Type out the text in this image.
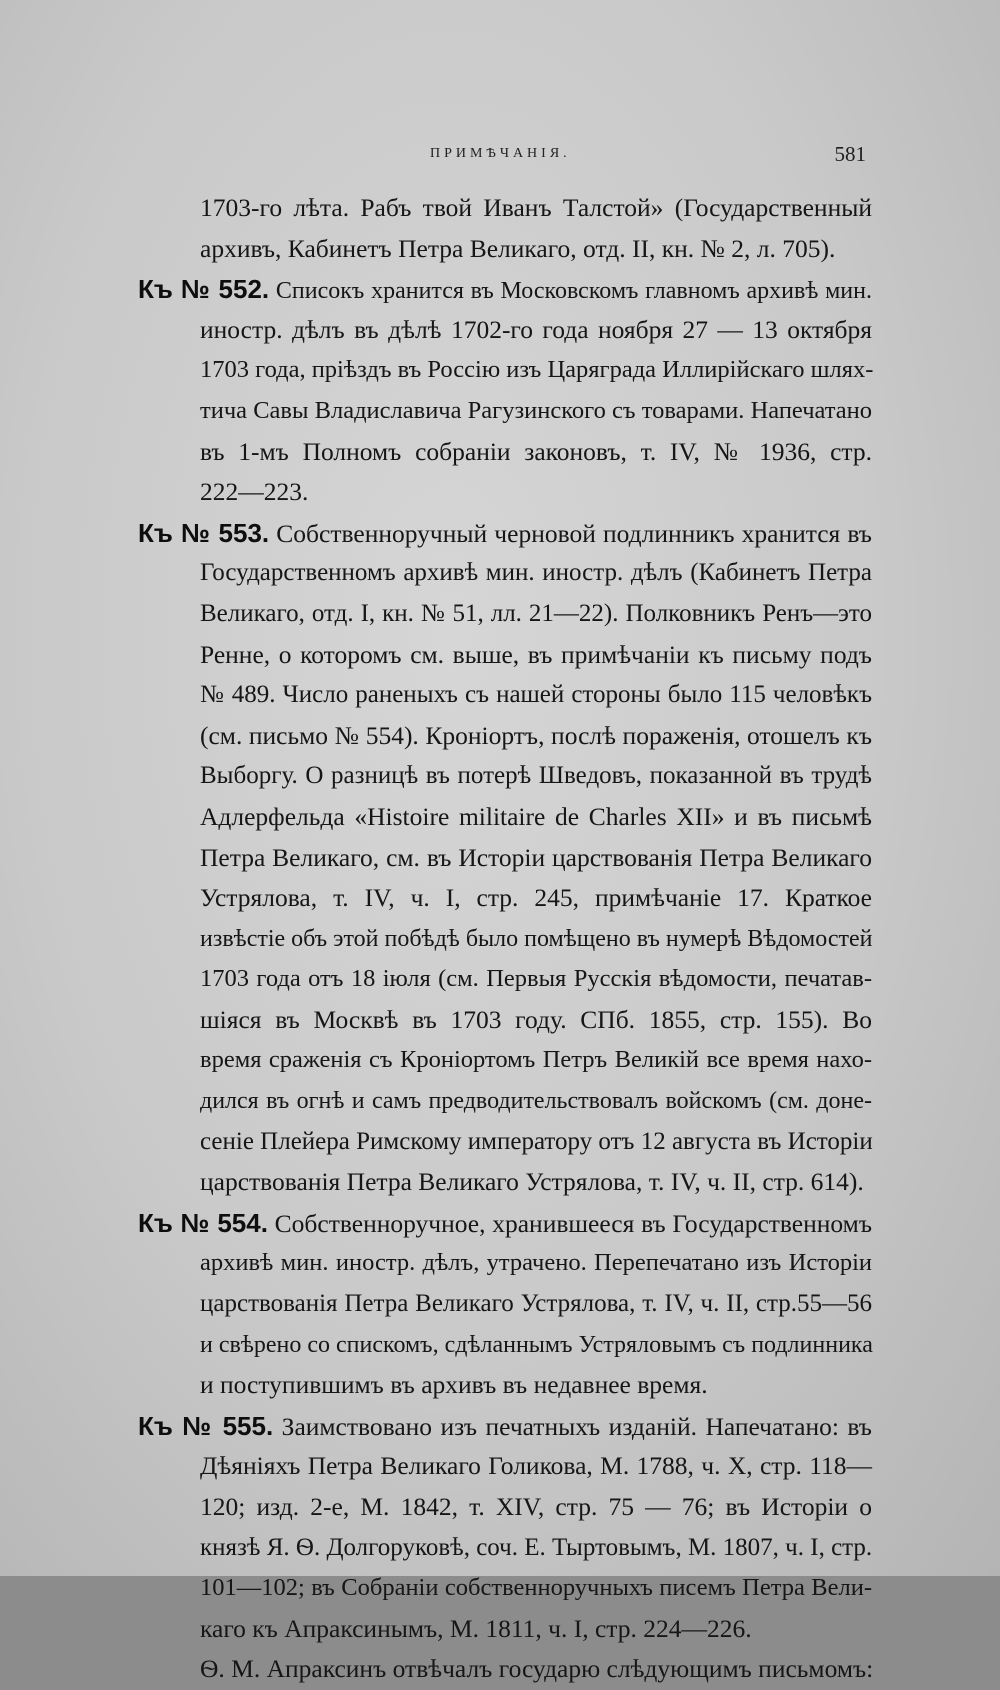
ПРИМѢЧАНІЯ.	581
1703-го лѣта. Рабъ твой Иванъ Талстой» (Государственный
архивъ, Кабинетъ Петра Великаго, отд. II, кн. № 2, л. 705).
Къ № 552. Списокъ хранится въ Московскомъ главномъ архивѣ мин.
иностр. дѣлъ въ дѣлѣ 1702-го года ноября 27 — 13 октября
1703 года, пріѣздъ въ Россію изъ Царяграда Иллирійскаго шлях-
тича Савы Владиславича Рагузинского съ товарами. Напечатано
въ 1-мъ Полномъ собраніи законовъ, т. IV, № 1936, стр.
222—223.
Къ № 553. Собственноручный черновой подлинникъ хранится въ
Государственномъ архивѣ мин. иностр. дѣлъ (Кабинетъ Петра
Великаго, отд. I, кн. № 51, лл. 21—22). Полковникъ Ренъ—это
Ренне, о которомъ см. выше, въ примѣчаніи къ письму подъ
№ 489. Число раненыхъ съ нашей стороны было 115 человѣкъ
(см. письмо № 554). Кроніортъ, послѣ пораженія, отошелъ къ
Выборгу. О разницѣ въ потерѣ Шведовъ, показанной въ трудѣ
Адлерфельда «Histoire militaire de Charles XII» и въ письмѣ
Петра Великаго, см. въ Исторіи царствованія Петра Великаго
Устрялова, т. IV, ч. I, стр. 245, примѣчаніе 17. Краткое
извѣстіе объ этой побѣдѣ было помѣщено въ нумерѣ Вѣдомостей
1703 года отъ 18 іюля (см. Первыя Русскія вѣдомости, печатав-
шіяся въ Москвѣ въ 1703 году. СПб. 1855, стр. 155). Во
время сраженія съ Кроніортомъ Петръ Великій все время нахо-
дился въ огнѣ и самъ предводительствовалъ войскомъ (см. доне-
сеніе Плейера Римскому императору отъ 12 августа въ Исторіи
царствованія Петра Великаго Устрялова, т. IV, ч. II, стр. 614).
Къ № 554. Собственноручное, хранившееся въ Государственномъ
архивѣ мин. иностр. дѣлъ, утрачено. Перепечатано изъ Исторіи
царствованія Петра Великаго Устрялова, т. IV, ч. II, стр.55—56
и свѣрено со спискомъ, сдѣланнымъ Устряловымъ съ подлинника
и поступившимъ въ архивъ въ недавнее время.
Къ № 555. Заимствовано изъ печатныхъ изданій. Напечатано: въ
Дѣяніяхъ Петра Великаго Голикова, М. 1788, ч. X, стр. 118—
120; изд. 2-е, М. 1842, т. XIV, стр. 75 — 76; въ Исторіи о
князѣ Я. Ѳ. Долгоруковѣ, соч. Е. Тыртовымъ, М. 1807, ч. I, стр.
101—102; въ Собраніи собственноручныхъ писемъ Петра Вели-
каго къ Апраксинымъ, М. 1811, ч. I, стр. 224—226.
Ѳ. М. Апраксинъ отвѣчалъ государю слѣдующимъ письмомъ:
